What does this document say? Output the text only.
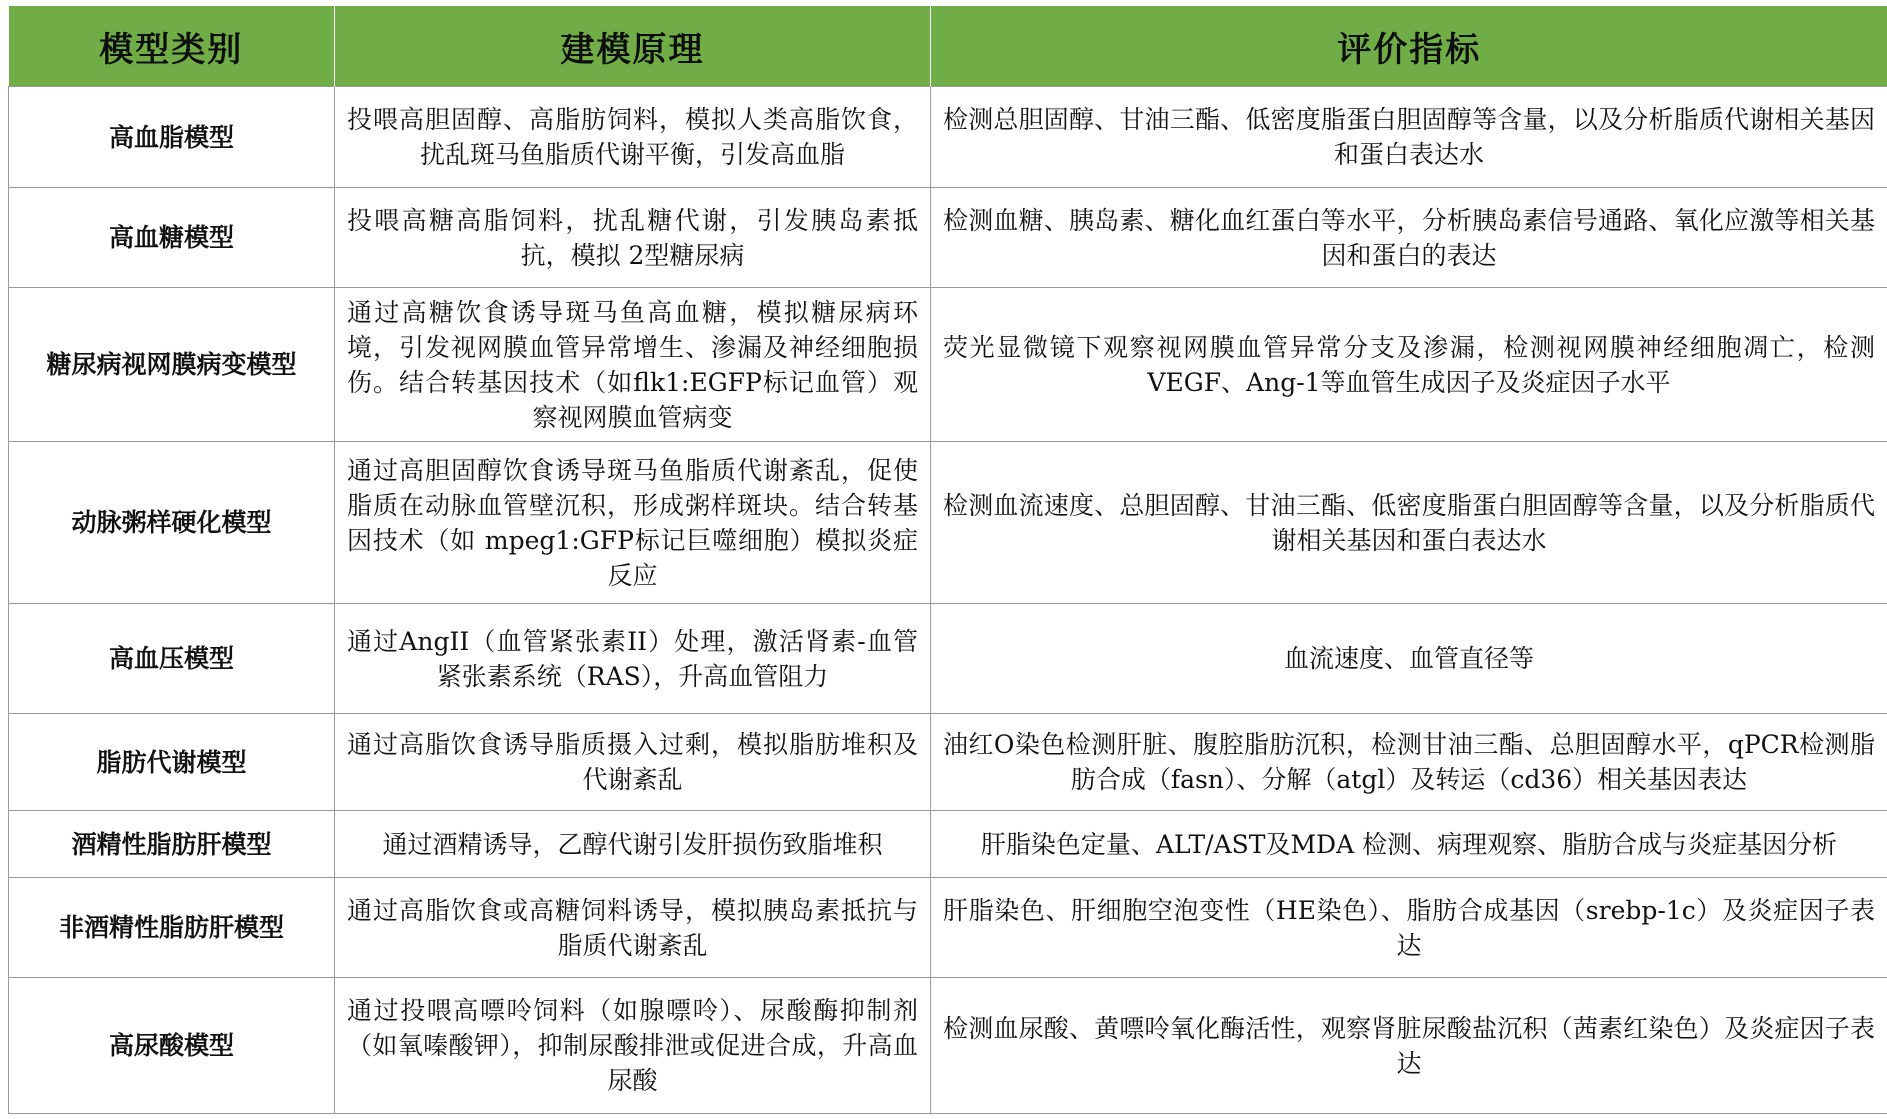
模型类别	建模原理	评价指标
高血脂模型	投喂高胆固醇、高脂肪饲料，模拟人类高脂饮食，扰乱斑马鱼脂质代谢平衡，引发高血脂	检测总胆固醇、甘油三酯、低密度脂蛋白胆固醇等含量，以及分析脂质代谢相关基因和蛋白表达水
高血糖模型	投喂高糖高脂饲料，扰乱糖代谢，引发胰岛素抵抗，模拟 2型糖尿病	检测血糖、胰岛素、糖化血红蛋白等水平，分析胰岛素信号通路、氧化应激等相关基因和蛋白的表达
糖尿病视网膜病变模型	通过高糖饮食诱导斑马鱼高血糖，模拟糖尿病环境，引发视网膜血管异常增生、渗漏及神经细胞损伤。结合转基因技术（如flk1:EGFP标记血管）观察视网膜血管病变	荧光显微镜下观察视网膜血管异常分支及渗漏，检测视网膜神经细胞凋亡，检测VEGF、Ang-1等血管生成因子及炎症因子水平
动脉粥样硬化模型	通过高胆固醇饮食诱导斑马鱼脂质代谢紊乱，促使脂质在动脉血管壁沉积，形成粥样斑块。结合转基因技术（如 mpeg1:GFP标记巨噬细胞）模拟炎症反应	检测血流速度、总胆固醇、甘油三酯、低密度脂蛋白胆固醇等含量，以及分析脂质代谢相关基因和蛋白表达水
高血压模型	通过AngII（血管紧张素II）处理，激活肾素-血管紧张素系统（RAS），升高血管阻力	血流速度、血管直径等
脂肪代谢模型	通过高脂饮食诱导脂质摄入过剩，模拟脂肪堆积及代谢紊乱	油红O染色检测肝脏、腹腔脂肪沉积，检测甘油三酯、总胆固醇水平，qPCR检测脂肪合成（fasn）、分解（atgl）及转运（cd36）相关基因表达
酒精性脂肪肝模型	通过酒精诱导，乙醇代谢引发肝损伤致脂堆积	肝脂染色定量、ALT/AST及MDA 检测、病理观察、脂肪合成与炎症基因分析
非酒精性脂肪肝模型	通过高脂饮食或高糖饲料诱导，模拟胰岛素抵抗与脂质代谢紊乱	肝脂染色、肝细胞空泡变性（HE染色）、脂肪合成基因（srebp-1c）及炎症因子表达
高尿酸模型	通过投喂高嘌呤饲料（如腺嘌呤）、尿酸酶抑制剂（如氧嗪酸钾），抑制尿酸排泄或促进合成，升高血尿酸	检测血尿酸、黄嘌呤氧化酶活性，观察肾脏尿酸盐沉积（茜素红染色）及炎症因子表达
